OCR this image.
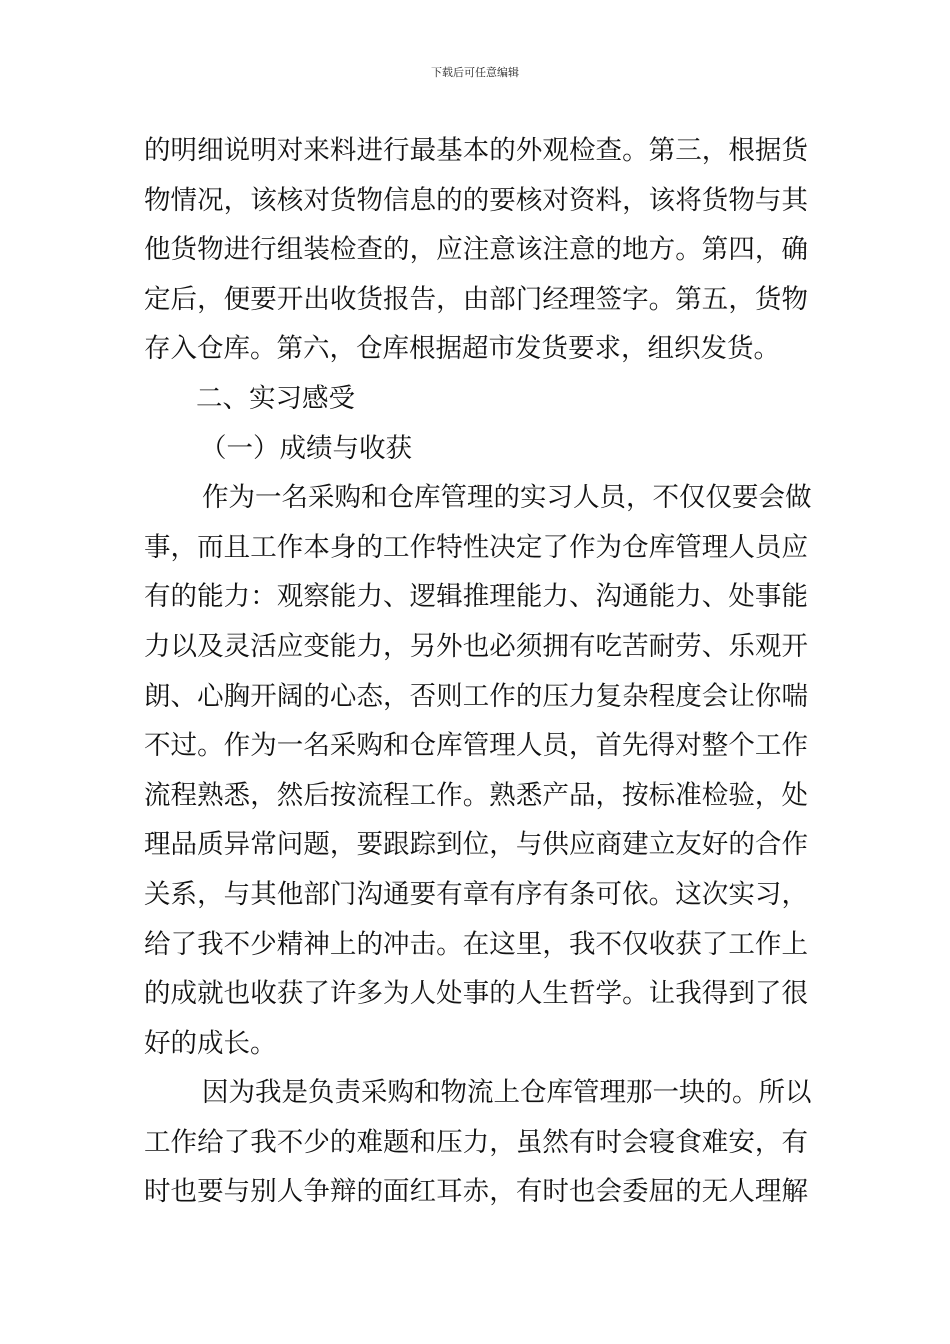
下载后可任意编辑
的明细说明对来料进行最基本的外观检查。第三，根据货
物情况，该核对货物信息的的要核对资料，该将货物与其
他货物进行组装检查的，应注意该注意的地方。第四，确
定后，便要开出收货报告，由部门经理签字。第五，货物
存入仓库。第六，仓库根据超市发货要求，组织发货。
二、实习感受
（一）成绩与收获
作为一名采购和仓库管理的实习人员，不仅仅要会做
事，而且工作本身的工作特性决定了作为仓库管理人员应
有的能力：观察能力、逻辑推理能力、沟通能力、处事能
力以及灵活应变能力，另外也必须拥有吃苦耐劳、乐观开
朗、心胸开阔的心态，否则工作的压力复杂程度会让你喘
不过。作为一名采购和仓库管理人员，首先得对整个工作
流程熟悉，然后按流程工作。熟悉产品，按标准检验，处
理品质异常问题，要跟踪到位，与供应商建立友好的合作
关系，与其他部门沟通要有章有序有条可依。这次实习，
给了我不少精神上的冲击。在这里，我不仅收获了工作上
的成就也收获了许多为人处事的人生哲学。让我得到了很
好的成长。
因为我是负责采购和物流上仓库管理那一块的。所以
工作给了我不少的难题和压力，虽然有时会寝食难安，有
时也要与别人争辩的面红耳赤，有时也会委屈的无人理解
